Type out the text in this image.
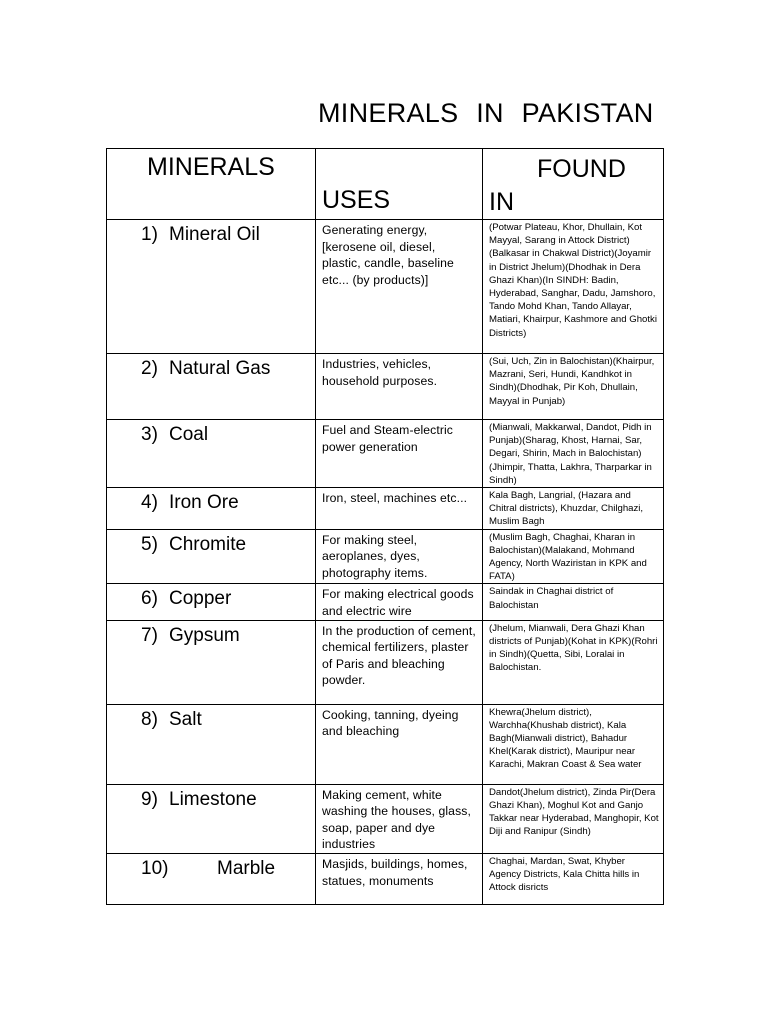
MINERALS IN PAKISTAN
MINERALS	USES	FOUND
IN

1) Mineral Oil	Generating energy, [kerosene oil, diesel, plastic, candle, baseline etc... (by products)]	(Potwar Plateau, Khor, Dhullain, Kot Mayyal, Sarang in Attock District)(Balkasar in Chakwal District)(Joyamir in District Jhelum)(Dhodhak in Dera Ghazi Khan)(In SINDH: Badin, Hyderabad, Sanghar, Dadu, Jamshoro, Tando Mohd Khan, Tando Allayar, Matiari, Khairpur, Kashmore and Ghotki Districts)

2) Natural Gas	Industries, vehicles, household purposes.	(Sui, Uch, Zin in Balochistan)(Khairpur, Mazrani, Seri, Hundi, Kandhkot in Sindh)(Dhodhak, Pir Koh, Dhullain, Mayyal in Punjab)

3) Coal	Fuel and Steam-electric power generation	(Mianwali, Makkarwal, Dandot, Pidh in Punjab)(Sharag, Khost, Harnai, Sar, Degari, Shirin, Mach in Balochistan)(Jhimpir, Thatta, Lakhra, Tharparkar in Sindh)

4) Iron Ore	Iron, steel, machines etc...	Kala Bagh, Langrial, (Hazara and Chitral districts), Khuzdar, Chilghazi, Muslim Bagh

5) Chromite	For making steel, aeroplanes, dyes, photography items.	(Muslim Bagh, Chaghai, Kharan in Balochistan)(Malakand, Mohmand Agency, North Waziristan in KPK and FATA)

6) Copper	For making electrical goods and electric wire	Saindak in Chaghai district of Balochistan

7) Gypsum	In the production of cement, chemical fertilizers, plaster of Paris and bleaching powder.	(Jhelum, Mianwali, Dera Ghazi Khan districts of Punjab)(Kohat in KPK)(Rohri in Sindh)(Quetta, Sibi, Loralai in Balochistan.

8) Salt	Cooking, tanning, dyeing and bleaching	Khewra(Jhelum district), Warchha(Khushab district), Kala Bagh(Mianwali district), Bahadur Khel(Karak district), Mauripur near Karachi, Makran Coast & Sea water

9) Limestone	Making cement, white washing the houses, glass, soap, paper and dye industries	Dandot(Jhelum district), Zinda Pir(Dera Ghazi Khan), Moghul Kot and Ganjo Takkar near Hyderabad, Manghopir, Kot Diji and Ranipur (Sindh)

10) Marble	Masjids, buildings, homes, statues, monuments	Chaghai, Mardan, Swat, Khyber Agency Districts, Kala Chitta hills in Attock disricts
